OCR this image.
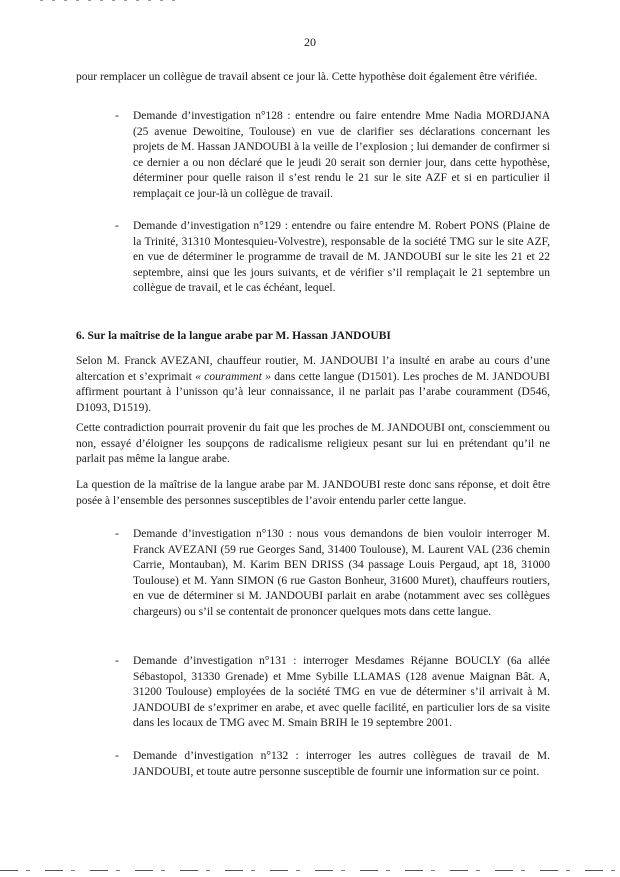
20

pour remplacer un collègue de travail absent ce jour là. Cette hypothèse doit également être vérifiée.

- Demande d’investigation n°128 : entendre ou faire entendre Mme Nadia MORDJANA (25 avenue Dewoitine, Toulouse) en vue de clarifier ses déclarations concernant les projets de M. Hassan JANDOUBI à la veille de l’explosion ; lui demander de confirmer si ce dernier a ou non déclaré que le jeudi 20 serait son dernier jour, dans cette hypothèse, déterminer pour quelle raison il s’est rendu le 21 sur le site AZF et si en particulier il remplaçait ce jour-là un collègue de travail.

- Demande d’investigation n°129 : entendre ou faire entendre M. Robert PONS (Plaine de la Trinité, 31310 Montesquieu-Volvestre), responsable de la société TMG sur le site AZF, en vue de déterminer le programme de travail de M. JANDOUBI sur le site les 21 et 22 septembre, ainsi que les jours suivants, et de vérifier s’il remplaçait le 21 septembre un collègue de travail, et le cas échéant, lequel.

6. Sur la maîtrise de la langue arabe par M. Hassan JANDOUBI

Selon M. Franck AVEZANI, chauffeur routier, M. JANDOUBI l’a insulté en arabe au cours d’une altercation et s’exprimait « couramment » dans cette langue (D1501). Les proches de M. JANDOUBI affirment pourtant à l’unisson qu’à leur connaissance, il ne parlait pas l’arabe couramment (D546, D1093, D1519).

Cette contradiction pourrait provenir du fait que les proches de M. JANDOUBI ont, consciemment ou non, essayé d’éloigner les soupçons de radicalisme religieux pesant sur lui en prétendant qu’il ne parlait pas même la langue arabe.

La question de la maîtrise de la langue arabe par M. JANDOUBI reste donc sans réponse, et doit être posée à l’ensemble des personnes susceptibles de l’avoir entendu parler cette langue.

- Demande d’investigation n°130 : nous vous demandons de bien vouloir interroger M. Franck AVEZANI (59 rue Georges Sand, 31400 Toulouse), M. Laurent VAL (236 chemin Carrie, Montauban), M. Karim BEN DRISS (34 passage Louis Pergaud, apt 18, 31000 Toulouse) et M. Yann SIMON (6 rue Gaston Bonheur, 31600 Muret), chauffeurs routiers, en vue de déterminer si M. JANDOUBI parlait en arabe (notamment avec ses collègues chargeurs) ou s’il se contentait de prononcer quelques mots dans cette langue.

- Demande d’investigation n°131 : interroger Mesdames Réjanne BOUCLY (6a allée Sébastopol, 31330 Grenade) et Mme Sybille LLAMAS (128 avenue Maignan Bât. A, 31200 Toulouse) employées de la société TMG en vue de déterminer s’il arrivait à M. JANDOUBI de s’exprimer en arabe, et avec quelle facilité, en particulier lors de sa visite dans les locaux de TMG avec M. Smain BRIH le 19 septembre 2001.

- Demande d’investigation n°132 : interroger les autres collègues de travail de M. JANDOUBI, et toute autre personne susceptible de fournir une information sur ce point.
